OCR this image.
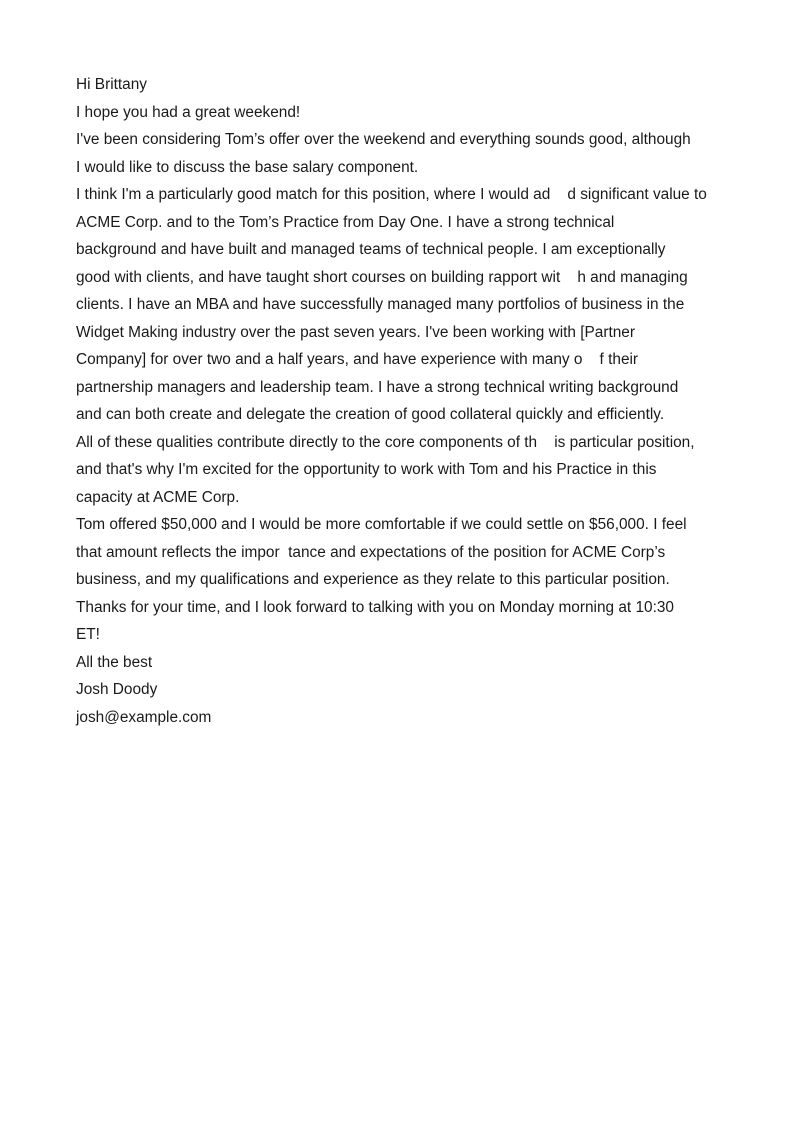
Hi Brittany
I hope you had a great weekend!
I've been considering Tom’s offer over the weekend and everything sounds good, although
I would like to discuss the base salary component.
I think I'm a particularly good match for this position, where I would ad    d significant value to
ACME Corp. and to the Tom’s Practice from Day One. I have a strong technical
background and have built and managed teams of technical people. I am exceptionally
good with clients, and have taught short courses on building rapport wit    h and managing
clients. I have an MBA and have successfully managed many portfolios of business in the
Widget Making industry over the past seven years. I've been working with [Partner
Company] for over two and a half years, and have experience with many o    f their
partnership managers and leadership team. I have a strong technical writing background
and can both create and delegate the creation of good collateral quickly and efficiently.
All of these qualities contribute directly to the core components of th    is particular position,
and that's why I'm excited for the opportunity to work with Tom and his Practice in this
capacity at ACME Corp.
Tom offered $50,000 and I would be more comfortable if we could settle on $56,000. I feel
that amount reflects the impor  tance and expectations of the position for ACME Corp’s
business, and my qualifications and experience as they relate to this particular position.
Thanks for your time, and I look forward to talking with you on Monday morning at 10:30
ET!
All the best
Josh Doody
josh@example.com
